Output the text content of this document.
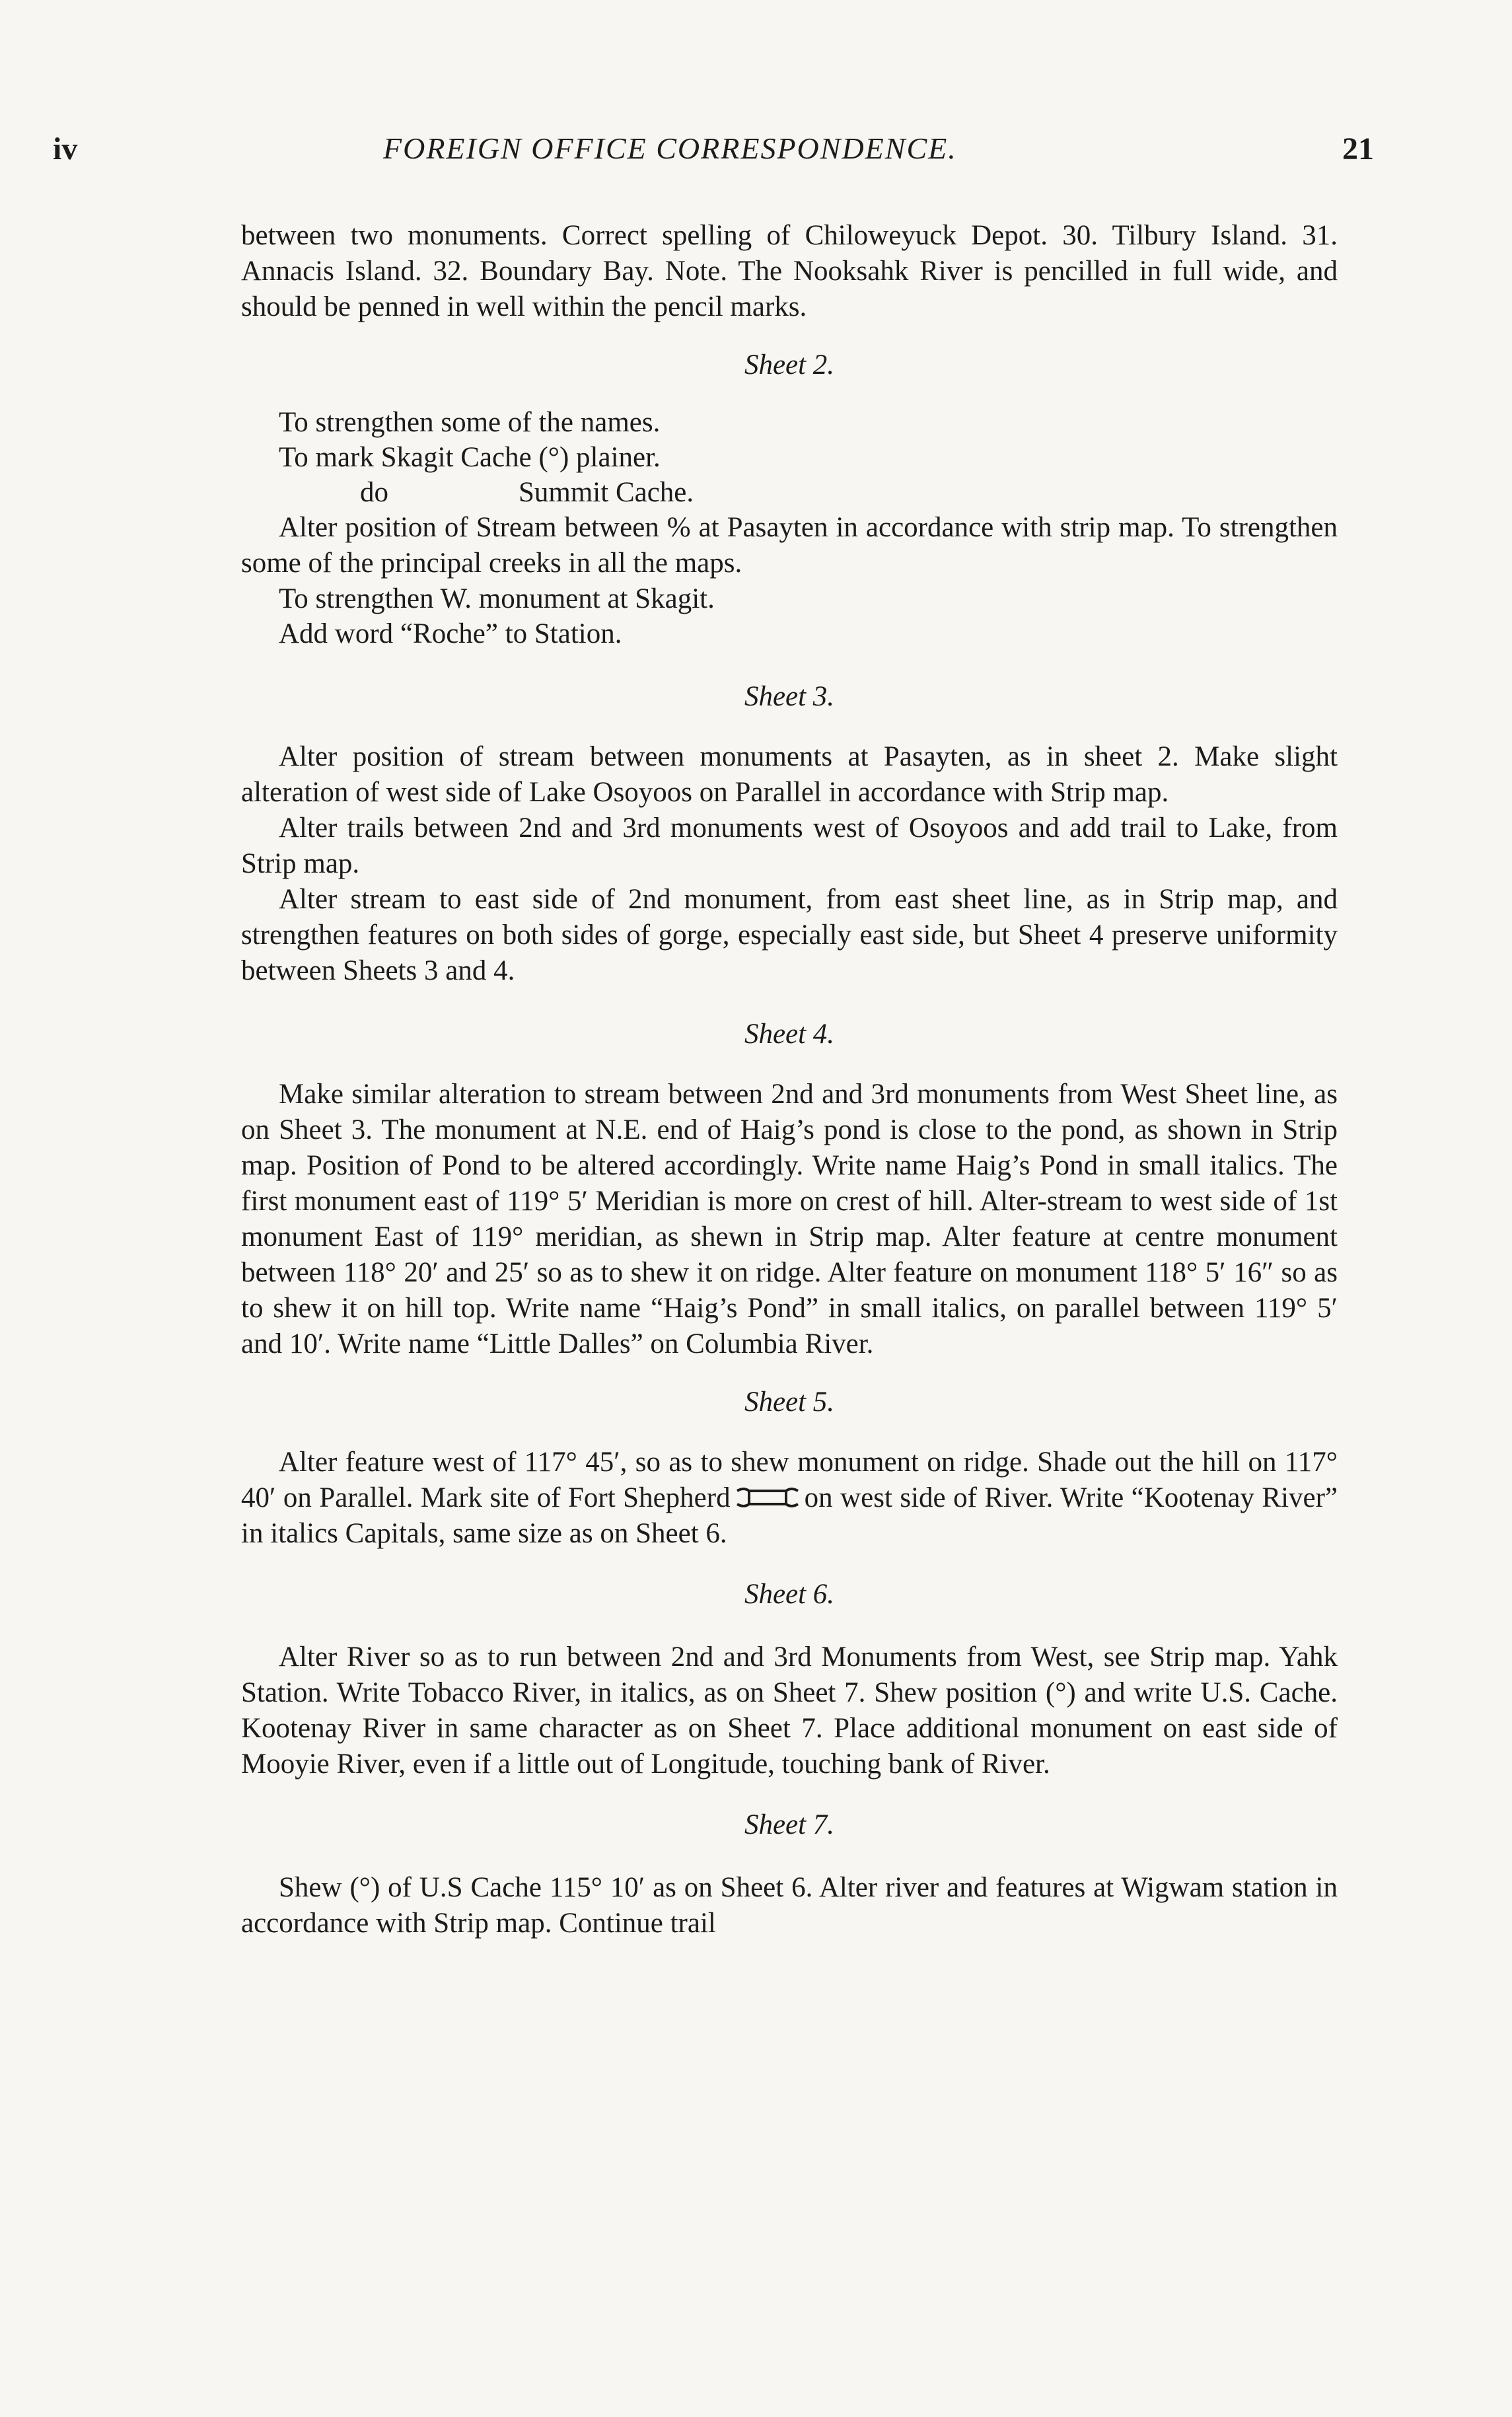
iv	FOREIGN OFFICE CORRESPONDENCE.	21

between two monuments. Correct spelling of Chiloweyuck Depot. 30. Tilbury Island. 31. Annacis Island. 32. Boundary Bay. Note. The Nooksahk River is pencilled in full wide, and should be penned in well within the pencil marks.

Sheet 2.

To strengthen some of the names.

To mark Skagit Cache (°) plainer.

do	Summit Cache.

Alter position of Stream between % at Pasayten in accordance with strip map. To strengthen some of the principal creeks in all the maps.

To strengthen W. monument at Skagit.

Add word “Roche” to Station.

Sheet 3.

Alter position of stream between monuments at Pasayten, as in sheet 2. Make slight alteration of west side of Lake Osoyoos on Parallel in accordance with Strip map.

Alter trails between 2nd and 3rd monuments west of Osoyoos and add trail to Lake, from Strip map.

Alter stream to east side of 2nd monument, from east sheet line, as in Strip map, and strengthen features on both sides of gorge, especially east side, but Sheet 4 preserve uniformity between Sheets 3 and 4.

Sheet 4.

Make similar alteration to stream between 2nd and 3rd monuments from West Sheet line, as on Sheet 3. The monument at N.E. end of Haig’s pond is close to the pond, as shown in Strip map. Position of Pond to be altered accordingly. Write name Haig’s Pond in small italics. The first monument east of 119° 5′ Meridian is more on crest of hill. Alter-stream to west side of 1st monument East of 119° meridian, as shewn in Strip map. Alter feature at centre monument between 118° 20′ and 25′ so as to shew it on ridge. Alter feature on monument 118° 5′ 16″ so as to shew it on hill top. Write name “Haig’s Pond” in small italics, on parallel between 119° 5′ and 10′. Write name “Little Dalles” on Columbia River.

Sheet 5.

Alter feature west of 117° 45′, so as to shew monument on ridge. Shade out the hill on 117° 40′ on Parallel. Mark site of Fort Shepherd	on west side of River. Write “Kootenay River” in italics Capitals, same size as on Sheet 6.

Sheet 6.

Alter River so as to run between 2nd and 3rd Monuments from West, see Strip map. Yahk Station. Write Tobacco River, in italics, as on Sheet 7. Shew position (°) and write U.S. Cache. Kootenay River in same character as on Sheet 7. Place additional monument on east side of Mooyie River, even if a little out of Longitude, touching bank of River.

Sheet 7.

Shew (°) of U.S Cache 115° 10′ as on Sheet 6. Alter river and features at Wigwam station in accordance with Strip map. Continue trail
